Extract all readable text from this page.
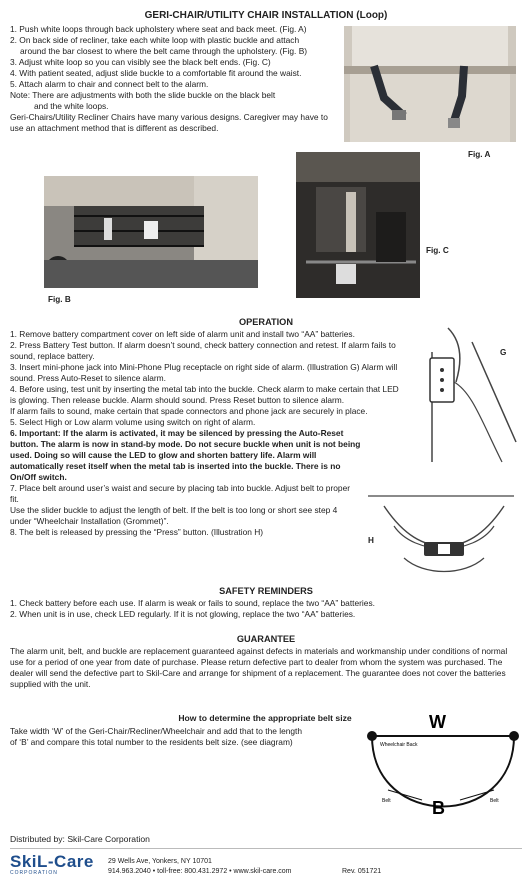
GERI-CHAIR/UTILITY CHAIR INSTALLATION (Loop)

1. Push white loops through back upholstery where seat and back meet. (Fig. A)

2. On back side of recliner, take each white loop with plastic buckle and attach

around the bar closest to where the belt came through the upholstery. (Fig. B)

3. Adjust white loop so you can visibly see the black belt ends. (Fig. C)

4. With patient seated, adjust slide buckle to a comfortable fit around the waist.

5. Attach alarm to chair and connect belt to the alarm.

Note: There are adjustments with both the slide buckle on the black belt

and the white loops.

Geri-Chairs/Utility Recliner Chairs have many various designs. Caregiver may have to use an attachment method that is different as described.

Fig. A
Fig. B
Fig. C
OPERATION

1. Remove battery compartment cover on left side of alarm unit and install two “AA” batteries.

2. Press Battery Test button. If alarm doesn’t sound, check battery connection and retest. If alarm fails to sound, replace battery.

3. Insert mini-phone jack into Mini-Phone Plug receptacle on right side of alarm. (Illustration G) Alarm will sound. Press Auto-Reset to silence alarm.

4. Before using, test unit by inserting the metal tab into the buckle. Check alarm to make certain that LED is glowing. Then release buckle. Alarm should sound. Press Reset button to silence alarm.

If alarm fails to sound, make certain that spade connectors and phone jack are securely in place.

5. Select High or Low alarm volume using switch on right of alarm.

6. Important: If the alarm is activated, it may be silenced by pressing the Auto-Reset button. The alarm is now in stand-by mode. Do not secure buckle when unit is not being used. Doing so will cause the LED to glow and shorten battery life. Alarm will automatically reset itself when the metal tab is inserted into the buckle. There is no On/Off switch.

7. Place belt around user’s waist and secure by placing tab into buckle. Adjust belt to proper fit.

Use the slider buckle to adjust the length of belt. If the belt is too long or short see step 4 under “Wheelchair Installation (Grommet)”.

8. The belt is released by pressing the “Press” button. (Illustration H)

G
H
SAFETY REMINDERS

1. Check battery before each use. If alarm is weak or fails to sound, replace the two “AA” batteries.

2. When unit is in use, check LED regularly. If it is not glowing, replace the two “AA” batteries.

GUARANTEE
The alarm unit, belt, and buckle are replacement guaranteed against defects in materials and workmanship under conditions of normal use for a period of one year from date of purchase. Please return defective part to dealer from whom the system was purchased. The dealer will send the defective part to Skil-Care and arrange for shipment of a replacement. The guarantee does not cover the batteries supplied with the unit.
How to determine the appropriate belt size
Take width ‘W’ of the Geri-Chair/Recliner/Wheelchair and add that to the length of ‘B’ and compare this total number to the residents belt size. (see diagram)
W
Wheelchair Back
B
Belt	Belt
Distributed by: Skil-Care Corporation
SkiL-Care
CORPORATION
29 Wells Ave, Yonkers, NY 10701
914.963.2040 • toll-free: 800.431.2972 • www.skil-care.com	Rev. 051721
